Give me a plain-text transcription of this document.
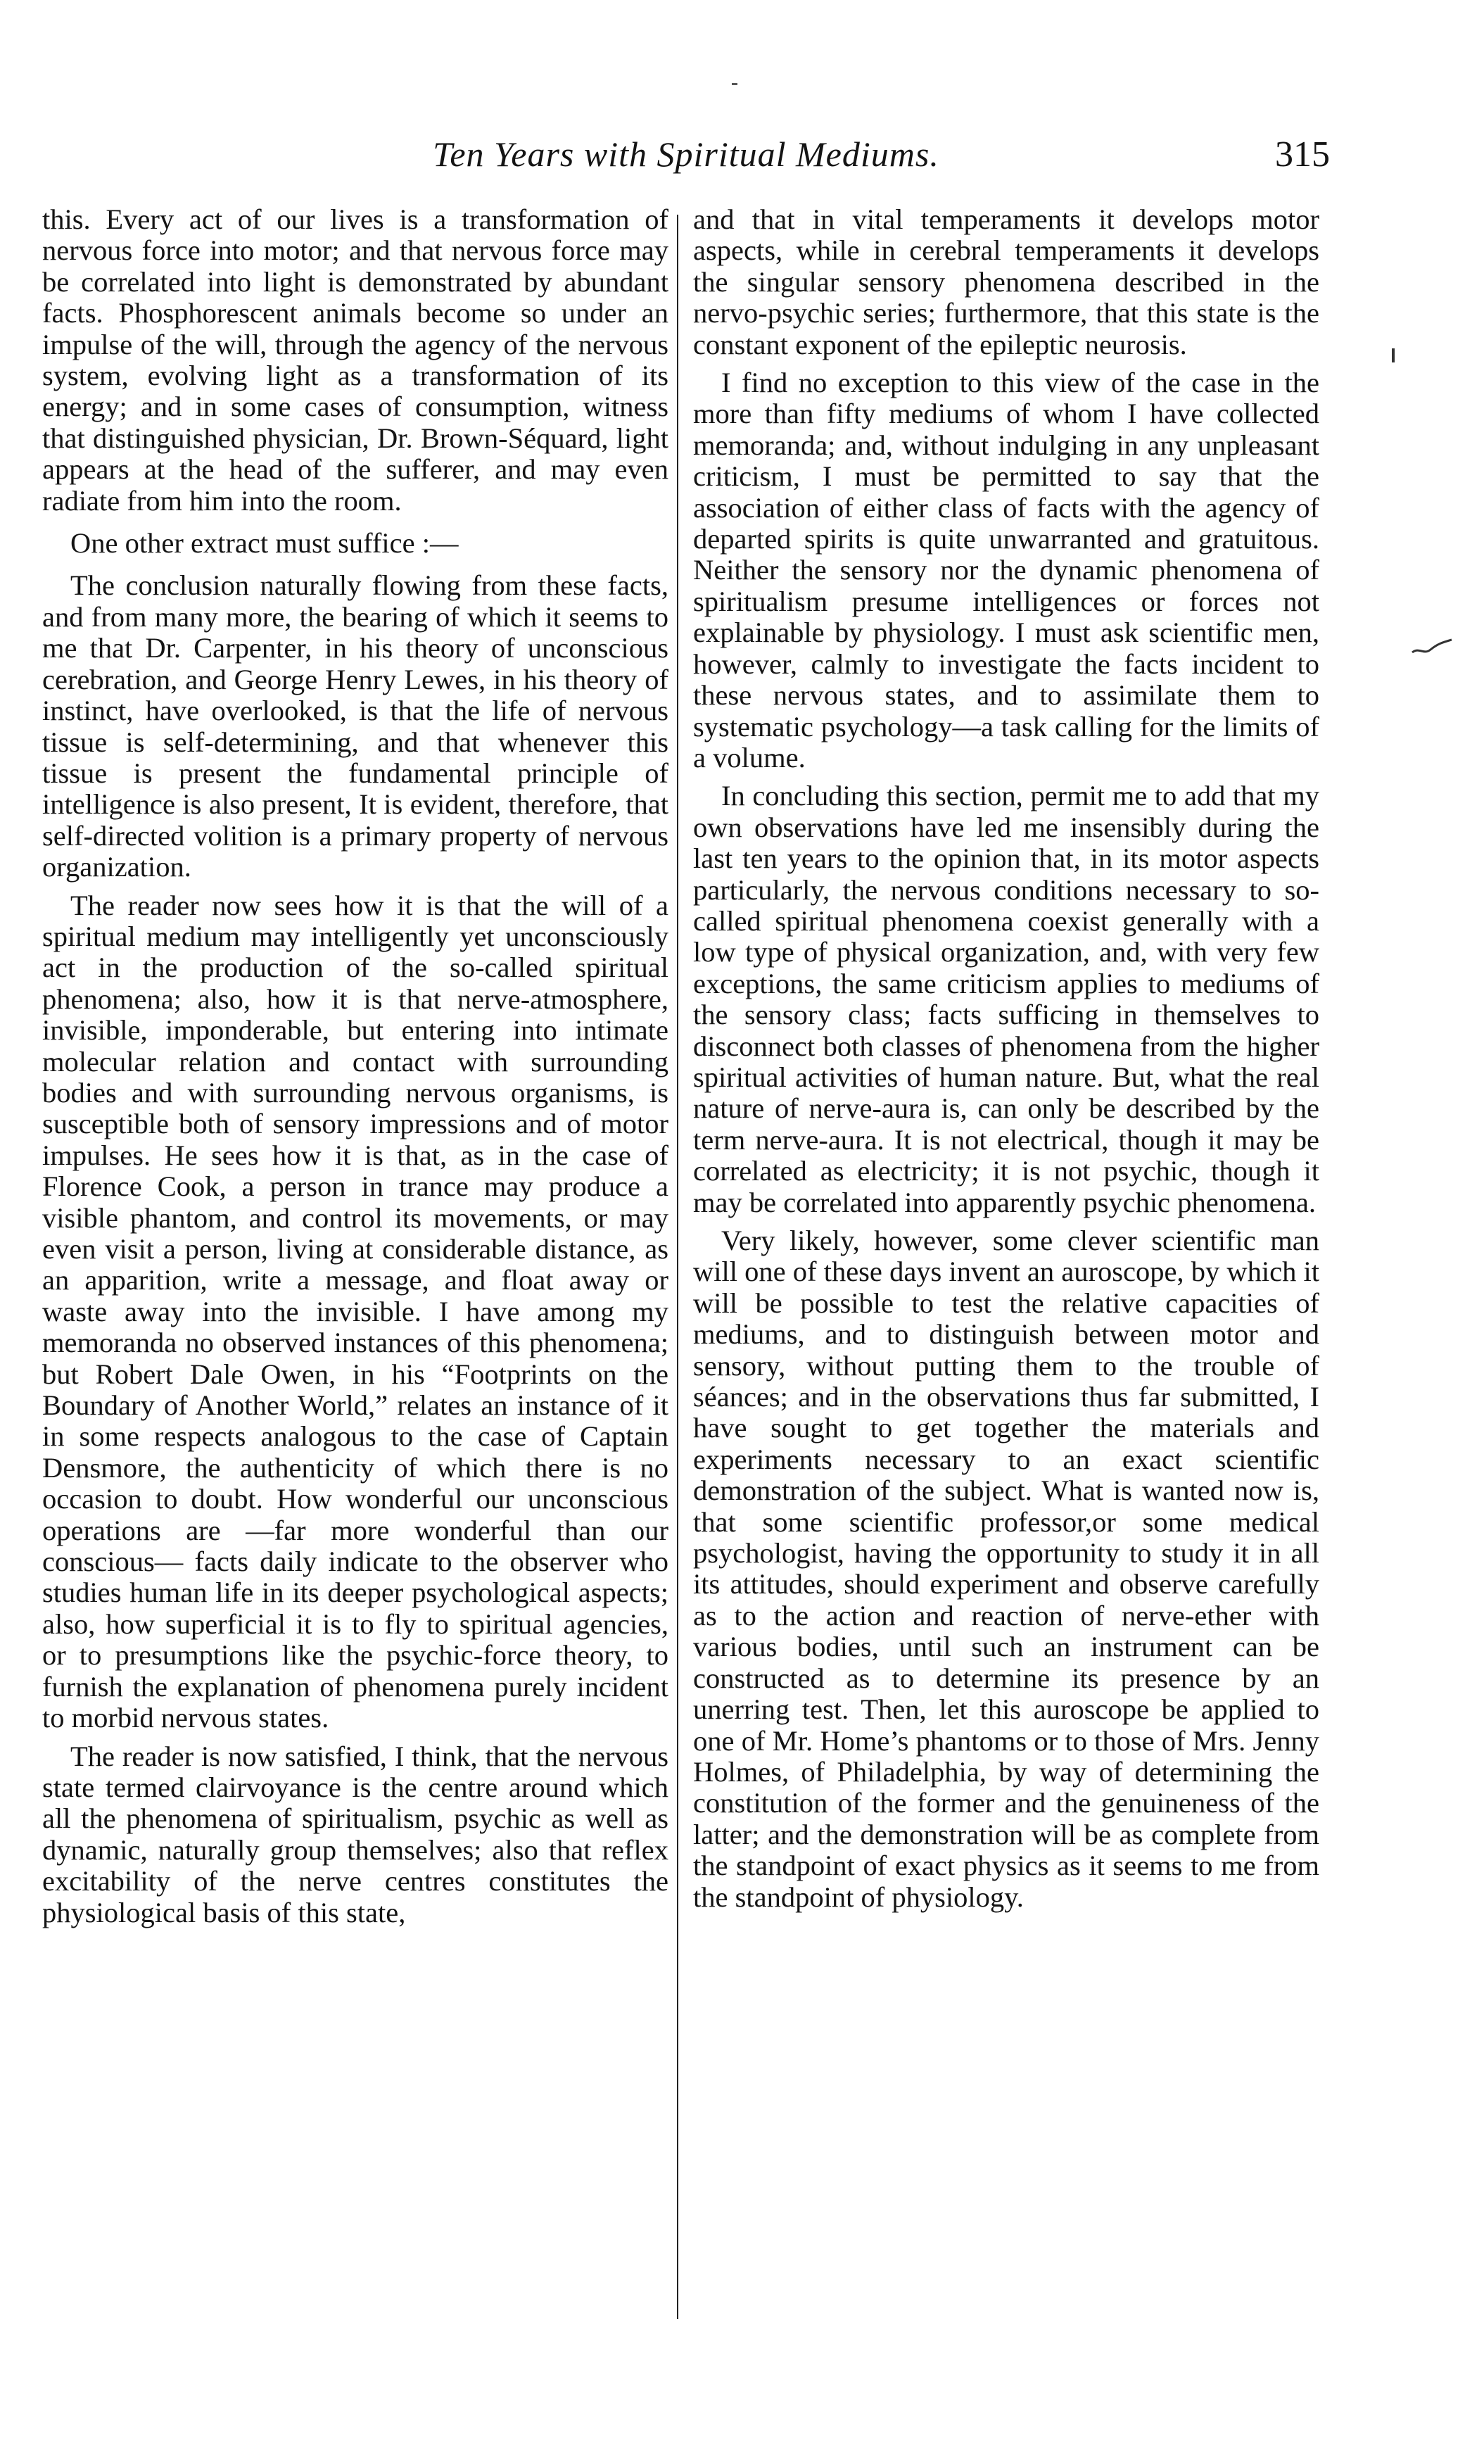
Ten Years with Spiritual Mediums.	315

this. Every act of our lives is a transformation of nervous force into motor; and that nervous force may be correlated into light is demonstrated by abundant facts. Phosphorescent animals become so under an impulse of the will, through the agency of the nervous system, evolving light as a transformation of its energy; and in some cases of consumption, witness that distinguished physician, Dr. Brown-Séquard, light appears at the head of the sufferer, and may even radiate from him into the room.

One other extract must suffice :—

The conclusion naturally flowing from these facts, and from many more, the bearing of which it seems to me that Dr. Carpenter, in his theory of unconscious cerebration, and George Henry Lewes, in his theory of instinct, have overlooked, is that the life of nervous tissue is self-determining, and that whenever this tissue is present the fundamental principle of intelligence is also present, It is evident, therefore, that self-directed volition is a primary property of nervous organization.

The reader now sees how it is that the will of a spiritual medium may intelligently yet unconsciously act in the production of the so-called spiritual phenomena; also, how it is that nerve-atmosphere, invisible, imponderable, but entering into intimate molecular relation and contact with surrounding bodies and with surrounding nervous organisms, is susceptible both of sensory impressions and of motor impulses. He sees how it is that, as in the case of Florence Cook, a person in trance may produce a visible phantom, and control its movements, or may even visit a person, living at considerable distance, as an apparition, write a message, and float away or waste away into the invisible. I have among my memoranda no observed instances of this phenomena; but Robert Dale Owen, in his “Footprints on the Boundary of Another World,” relates an instance of it in some respects analogous to the case of Captain Densmore, the authenticity of which there is no occasion to doubt. How wonderful our unconscious operations are —far more wonderful than our conscious— facts daily indicate to the observer who studies human life in its deeper psychological aspects; also, how superficial it is to fly to spiritual agencies, or to presumptions like the psychic-force theory, to furnish the explanation of phenomena purely incident to morbid nervous states.

The reader is now satisfied, I think, that the nervous state termed clairvoyance is the centre around which all the phenomena of spiritualism, psychic as well as dynamic, naturally group themselves; also that reflex excitability of the nerve centres constitutes the physiological basis of this state,

and that in vital temperaments it develops motor aspects, while in cerebral temperaments it develops the singular sensory phenomena described in the nervo-psychic series; furthermore, that this state is the constant exponent of the epileptic neurosis.

I find no exception to this view of the case in the more than fifty mediums of whom I have collected memoranda; and, without indulging in any unpleasant criticism, I must be permitted to say that the association of either class of facts with the agency of departed spirits is quite unwarranted and gratuitous. Neither the sensory nor the dynamic phenomena of spiritualism presume intelligences or forces not explainable by physiology. I must ask scientific men, however, calmly to investigate the facts incident to these nervous states, and to assimilate them to systematic psychology—a task calling for the limits of a volume.

In concluding this section, permit me to add that my own observations have led me insensibly during the last ten years to the opinion that, in its motor aspects particularly, the nervous conditions necessary to so-called spiritual phenomena coexist generally with a low type of physical organization, and, with very few exceptions, the same criticism applies to mediums of the sensory class; facts sufficing in themselves to disconnect both classes of phenomena from the higher spiritual activities of human nature. But, what the real nature of nerve-aura is, can only be described by the term nerve-aura. It is not electrical, though it may be correlated as electricity; it is not psychic, though it may be correlated into apparently psychic phenomena.

Very likely, however, some clever scientific man will one of these days invent an auroscope, by which it will be possible to test the relative capacities of mediums, and to distinguish between motor and sensory, without putting them to the trouble of séances; and in the observations thus far submitted, I have sought to get together the materials and experiments necessary to an exact scientific demonstration of the subject. What is wanted now is, that some scientific professor,or some medical psychologist, having the opportunity to study it in all its attitudes, should experiment and observe carefully as to the action and reaction of nerve-ether with various bodies, until such an instrument can be constructed as to determine its presence by an unerring test. Then, let this auroscope be applied to one of Mr. Home’s phantoms or to those of Mrs. Jenny Holmes, of Philadelphia, by way of determining the constitution of the former and the genuineness of the latter; and the demonstration will be as complete from the standpoint of exact physics as it seems to me from the standpoint of physiology.
